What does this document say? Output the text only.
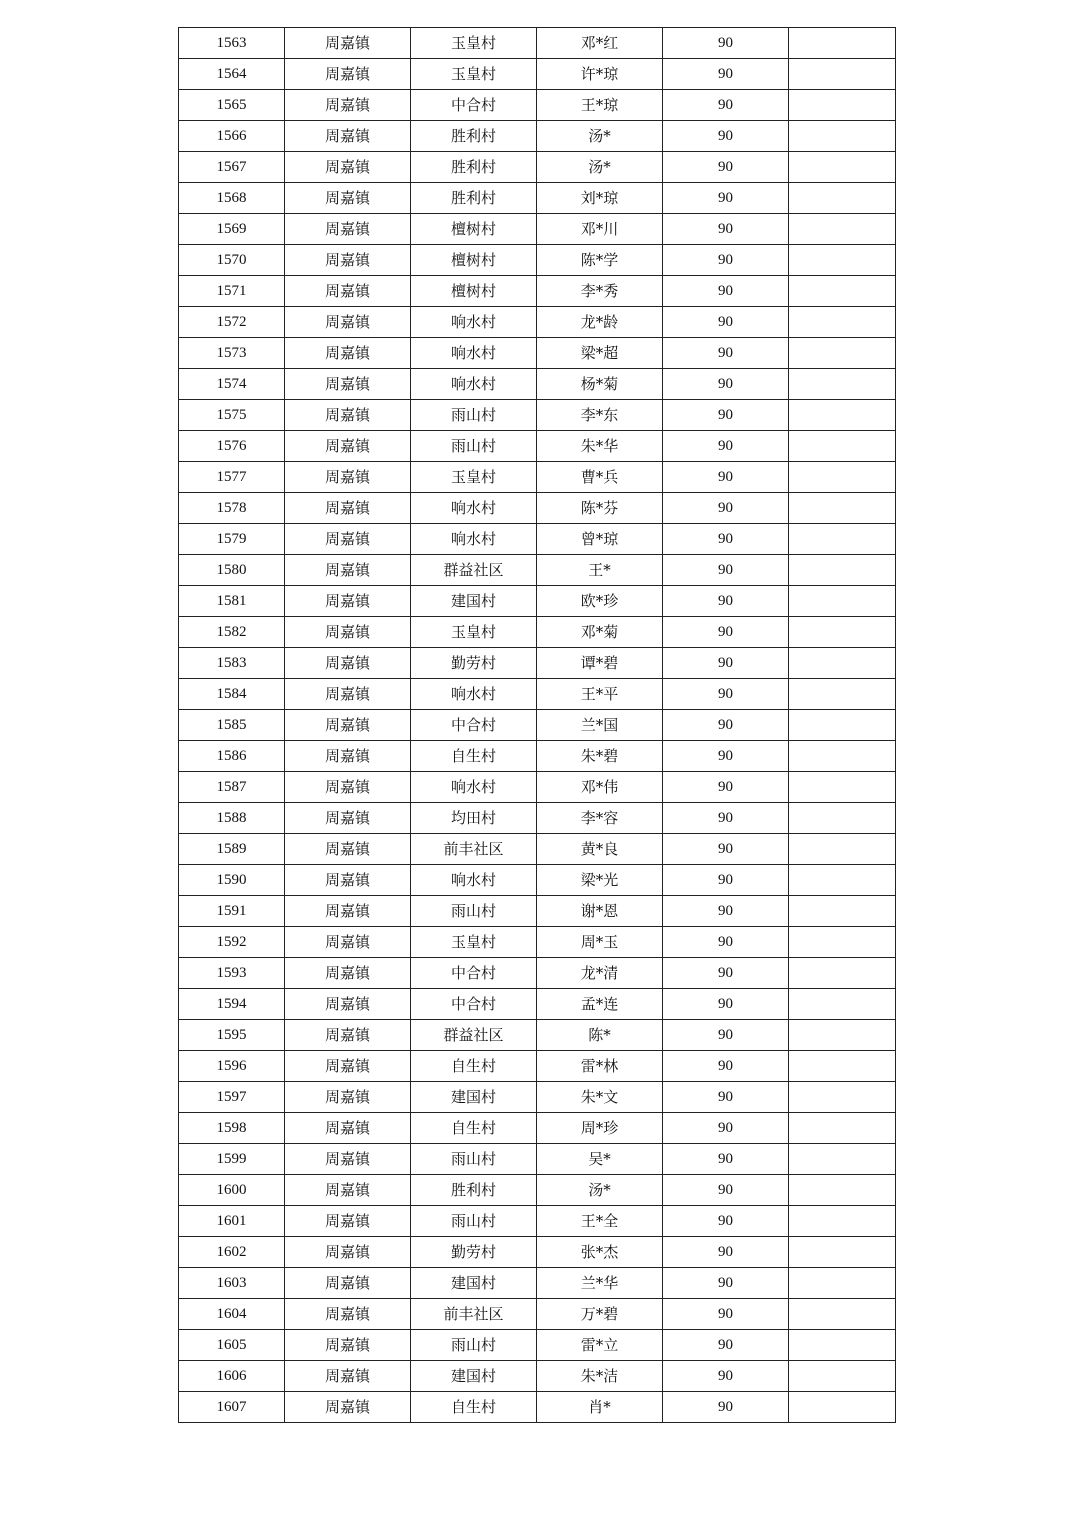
1563	周嘉镇	玉皇村	邓*红	90	
1564	周嘉镇	玉皇村	许*琼	90	
1565	周嘉镇	中合村	王*琼	90	
1566	周嘉镇	胜利村	汤*	90	
1567	周嘉镇	胜利村	汤*	90	
1568	周嘉镇	胜利村	刘*琼	90	
1569	周嘉镇	檀树村	邓*川	90	
1570	周嘉镇	檀树村	陈*学	90	
1571	周嘉镇	檀树村	李*秀	90	
1572	周嘉镇	响水村	龙*龄	90	
1573	周嘉镇	响水村	梁*超	90	
1574	周嘉镇	响水村	杨*菊	90	
1575	周嘉镇	雨山村	李*东	90	
1576	周嘉镇	雨山村	朱*华	90	
1577	周嘉镇	玉皇村	曹*兵	90	
1578	周嘉镇	响水村	陈*芬	90	
1579	周嘉镇	响水村	曾*琼	90	
1580	周嘉镇	群益社区	王*	90	
1581	周嘉镇	建国村	欧*珍	90	
1582	周嘉镇	玉皇村	邓*菊	90	
1583	周嘉镇	勤劳村	谭*碧	90	
1584	周嘉镇	响水村	王*平	90	
1585	周嘉镇	中合村	兰*国	90	
1586	周嘉镇	自生村	朱*碧	90	
1587	周嘉镇	响水村	邓*伟	90	
1588	周嘉镇	均田村	李*容	90	
1589	周嘉镇	前丰社区	黄*良	90	
1590	周嘉镇	响水村	梁*光	90	
1591	周嘉镇	雨山村	谢*恩	90	
1592	周嘉镇	玉皇村	周*玉	90	
1593	周嘉镇	中合村	龙*清	90	
1594	周嘉镇	中合村	孟*连	90	
1595	周嘉镇	群益社区	陈*	90	
1596	周嘉镇	自生村	雷*林	90	
1597	周嘉镇	建国村	朱*文	90	
1598	周嘉镇	自生村	周*珍	90	
1599	周嘉镇	雨山村	吴*	90	
1600	周嘉镇	胜利村	汤*	90	
1601	周嘉镇	雨山村	王*全	90	
1602	周嘉镇	勤劳村	张*杰	90	
1603	周嘉镇	建国村	兰*华	90	
1604	周嘉镇	前丰社区	万*碧	90	
1605	周嘉镇	雨山村	雷*立	90	
1606	周嘉镇	建国村	朱*洁	90	
1607	周嘉镇	自生村	肖*	90	
